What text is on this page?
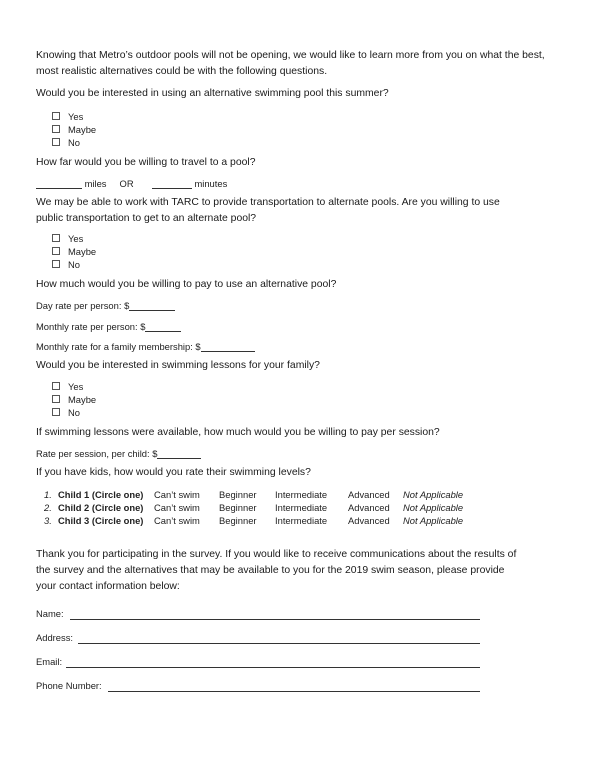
Knowing that Metro’s outdoor pools will not be opening, we would like to learn more from you on what the best, most realistic alternatives could be with the following questions.
Would you be interested in using an alternative swimming pool this summer?
Yes
Maybe
No
How far would you be willing to travel to a pool?
miles OR	minutes
We may be able to work with TARC to provide transportation to alternate pools. Are you willing to use
public transportation to get to an alternate pool?
Yes
Maybe
No
How much would you be willing to pay to use an alternative pool?
Day rate per person: $
Monthly rate per person: $
Monthly rate for a family membership: $
Would you be interested in swimming lessons for your family?
Yes
Maybe
No
If swimming lessons were available, how much would you be willing to pay per session?
Rate per session, per child: $
If you have kids, how would you rate their swimming levels?
1.	Child 1 (Circle one)	Can’t swim	Beginner	Intermediate	Advanced	Not Applicable
2.	Child 2 (Circle one)	Can’t swim	Beginner	Intermediate	Advanced	Not Applicable
3.	Child 3 (Circle one)	Can’t swim	Beginner	Intermediate	Advanced	Not Applicable
Thank you for participating in the survey. If you would like to receive communications about the results of
the survey and the alternatives that may be available to you for the 2019 swim season, please provide
your contact information below:
Name:
Address:
Email:
Phone Number:
